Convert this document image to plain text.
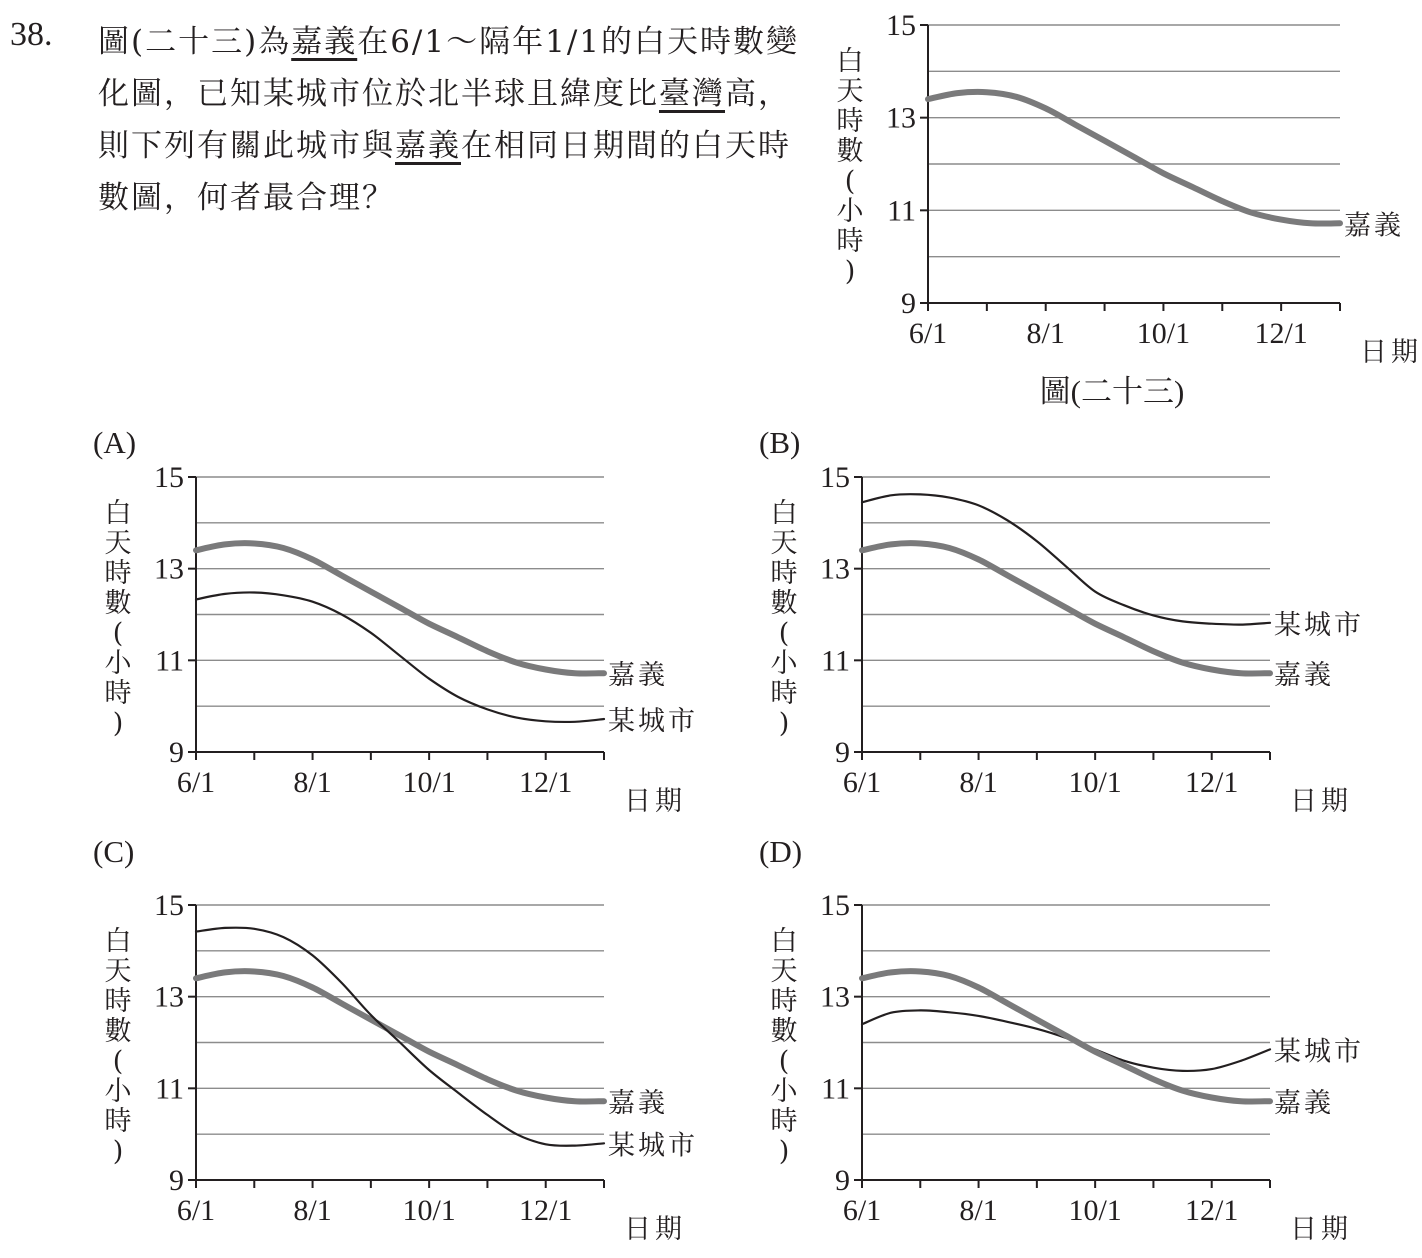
38. 圖(二十三)為嘉義在6/1～隔年1/1的白天時數變化圖，已知某城市位於北半球且緯度比臺灣高，則下列有關此城市與嘉義在相同日期間的白天時數圖，何者最合理？
圖(二十三)
9
11
13
15
6/1	8/1 10/1 12/1
日期
白天時數(小時)
嘉義
9
11
13
15
6/1	8/1 10/1 12/1
日期
白天時數(小時)
(A)
嘉義
某城市
9
11
13
15
6/1	8/1 10/1 12/1
日期
白天時數(小時)
(B)
某城市
嘉義
9
11
13
15
6/1	8/1 10/1 12/1
日期
白天時數(小時)
(C)
嘉義
某城市
9
11
13
15
6/1	8/1 10/1 12/1
日期
白天時數(小時)
(D)
某城市
嘉義
